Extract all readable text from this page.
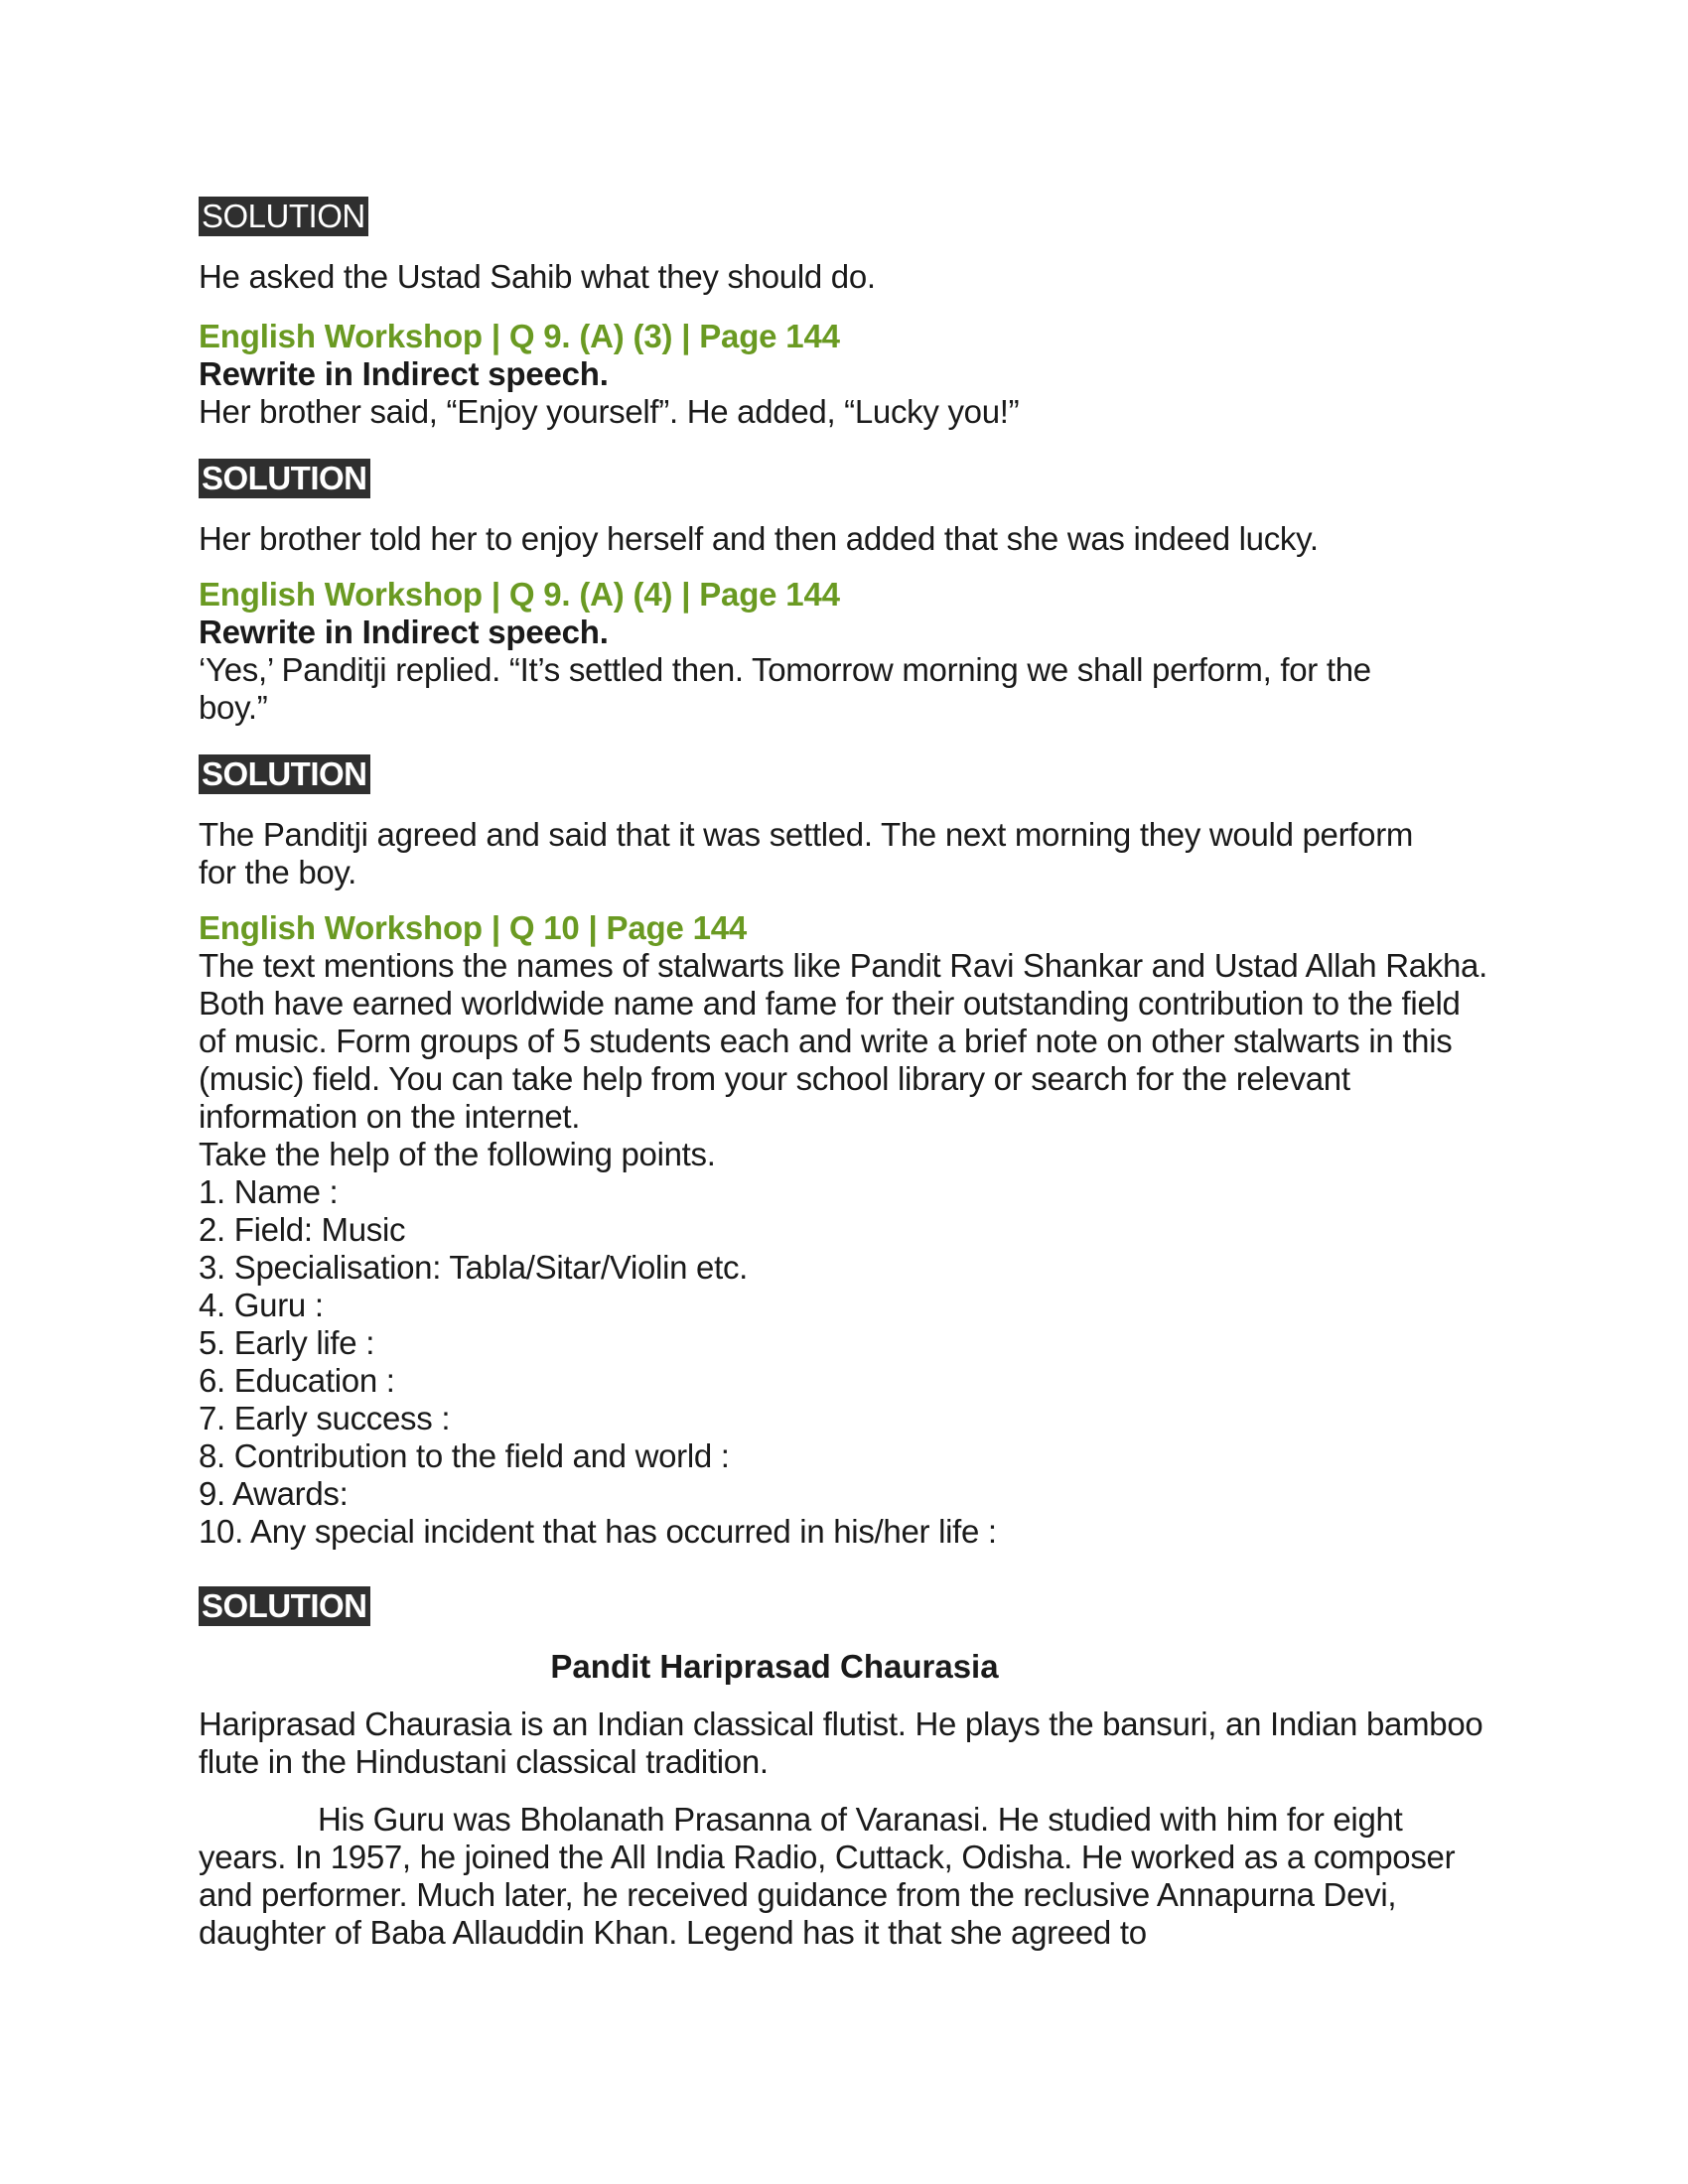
SOLUTION

He asked the Ustad Sahib what they should do.

English Workshop | Q 9. (A) (3) | Page 144

Rewrite in Indirect speech.

Her brother said, “Enjoy yourself”. He added, “Lucky you!”

SOLUTION

Her brother told her to enjoy herself and then added that she was indeed lucky.

English Workshop | Q 9. (A) (4) | Page 144

Rewrite in Indirect speech.

‘Yes,’ Panditji replied. “It’s settled then. Tomorrow morning we shall perform, for the boy.”

SOLUTION

The Panditji agreed and said that it was settled. The next morning they would perform for the boy.

English Workshop | Q 10 | Page 144

The text mentions the names of stalwarts like Pandit Ravi Shankar and Ustad Allah Rakha. Both have earned worldwide name and fame for their outstanding contribution to the field of music. Form groups of 5 students each and write a brief note on other stalwarts in this (music) field. You can take help from your school library or search for the relevant information on the internet.

Take the help of the following points.

1. Name :
2. Field: Music
3. Specialisation: Tabla/Sitar/Violin etc.
4. Guru :
5. Early life :
6. Education :
7. Early success :
8. Contribution to the field and world :
9. Awards:
10. Any special incident that has occurred in his/her life :
SOLUTION

Pandit Hariprasad Chaurasia

Hariprasad Chaurasia is an Indian classical flutist. He plays the bansuri, an Indian bamboo flute in the Hindustani classical tradition.

His Guru was Bholanath Prasanna of Varanasi. He studied with him for eight years. In 1957, he joined the All India Radio, Cuttack, Odisha. He worked as a composer and performer. Much later, he received guidance from the reclusive Annapurna Devi, daughter of Baba Allauddin Khan. Legend has it that she agreed to
